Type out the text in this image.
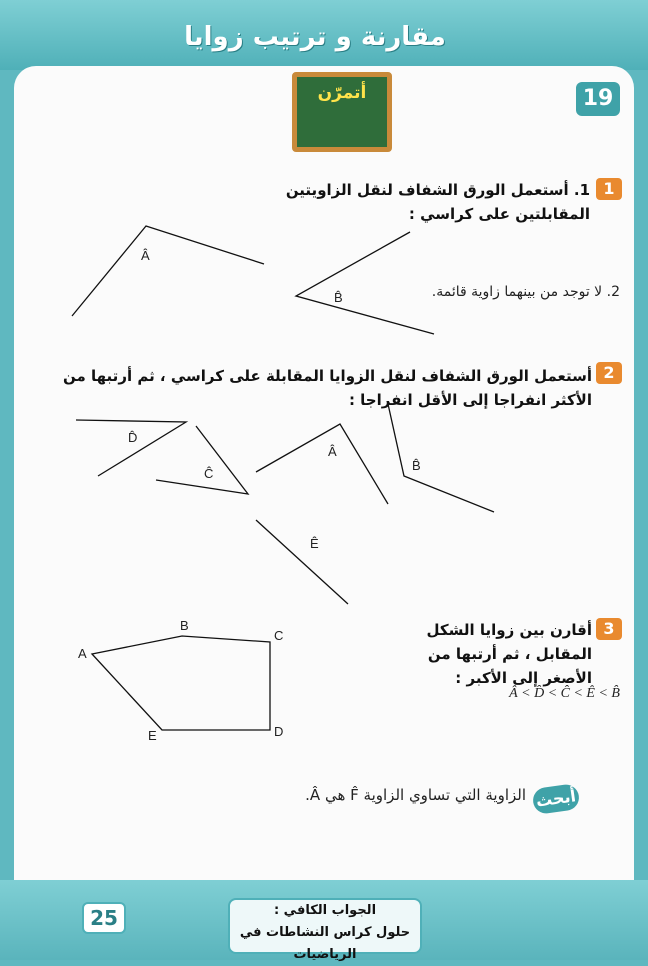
مقارنة و ترتيب زوايا
19
أتمرّن
1
1. أستعمل الورق الشفاف لنقل الزاويتين المقابلتين على كراسي :
2. لا توجد من بينهما زاوية قائمة.
2
أستعمل الورق الشفاف لنقل الزوايا المقابلة على كراسي ، ثم أرتبها من الأكثر انفراجا إلى الأقل انفراجا :
3
أقارن بين زوايا الشكل المقابل ، ثم أرتبها من الأصغر إلى الأكبر :
Â < D̂ < Ĉ < Ê < B̂
أبحث
الزاوية التي تساوي الزاوية F̂ هي Â.
Â
B̂
D̂
Ĉ
Â
B̂
Ê
A
B
C
D
E
25	الجواب الكافي :
حلول كراس النشاطات في الرياضيات
